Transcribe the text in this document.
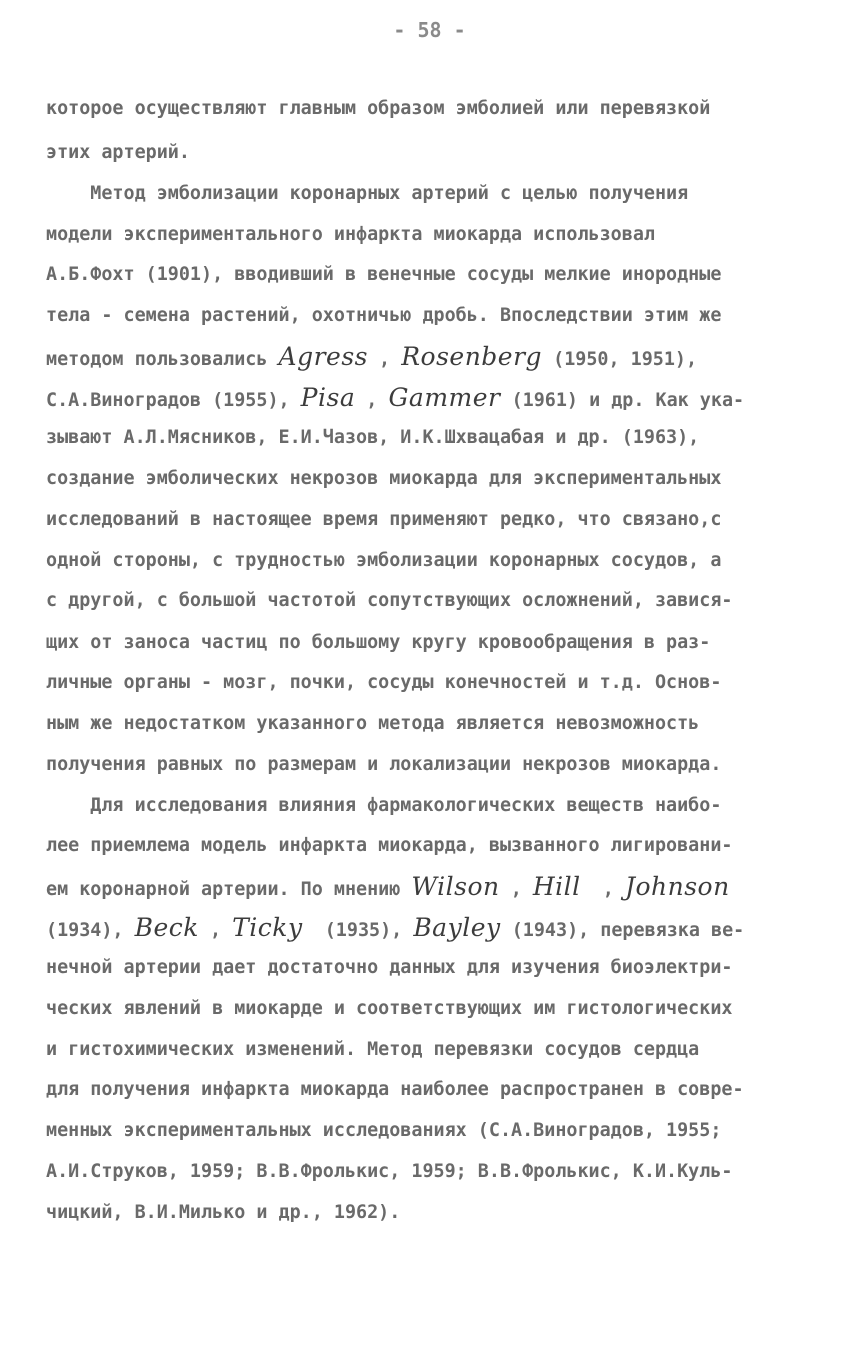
- 58 -
которое осуществляют главным образом эмболией или перевязкой
этих артерий.
Метод эмболизации коронарных артерий с целью получения
модели экспериментального инфаркта миокарда использовал
А.Б.Фохт (1901), вводивший в венечные сосуды мелкие инородные
тела - семена растений, охотничью дробь. Впоследствии этим же
методом пользовались Agress , Rosenberg (1950, 1951),
С.А.Виноградов (1955), Pisa , Gammer (1961) и др. Как ука-
зывают А.Л.Мясников, Е.И.Чазов, И.К.Шхвацабая и др. (1963),
создание эмболических некрозов миокарда для экспериментальных
исследований в настоящее время применяют редко, что связано,с
одной стороны, с трудностью эмболизации коронарных сосудов, а
с другой, с большой частотой сопутствующих осложнений, завися-
щих от заноса частиц по большому кругу кровообращения в раз-
личные органы - мозг, почки, сосуды конечностей и т.д. Основ-
ным же недостатком указанного метода является невозможность
получения равных по размерам и локализации некрозов миокарда.
Для исследования влияния фармакологических веществ наибо-
лее приемлема модель инфаркта миокарда, вызванного лигировани-
ем коронарной артерии. По мнению Wilson , Hill  , Johnson
(1934), Beck , Ticky  (1935), Bayley (1943), перевязка ве-
нечной артерии дает достаточно данных для изучения биоэлектри-
ческих явлений в миокарде и соответствующих им гистологических
и гистохимических изменений. Метод перевязки сосудов сердца
для получения инфаркта миокарда наиболее распространен в совре-
менных экспериментальных исследованиях (С.А.Виноградов, 1955;
А.И.Струков, 1959; В.В.Фролькис, 1959; В.В.Фролькис, К.И.Куль-
чицкий, В.И.Милько и др., 1962).
